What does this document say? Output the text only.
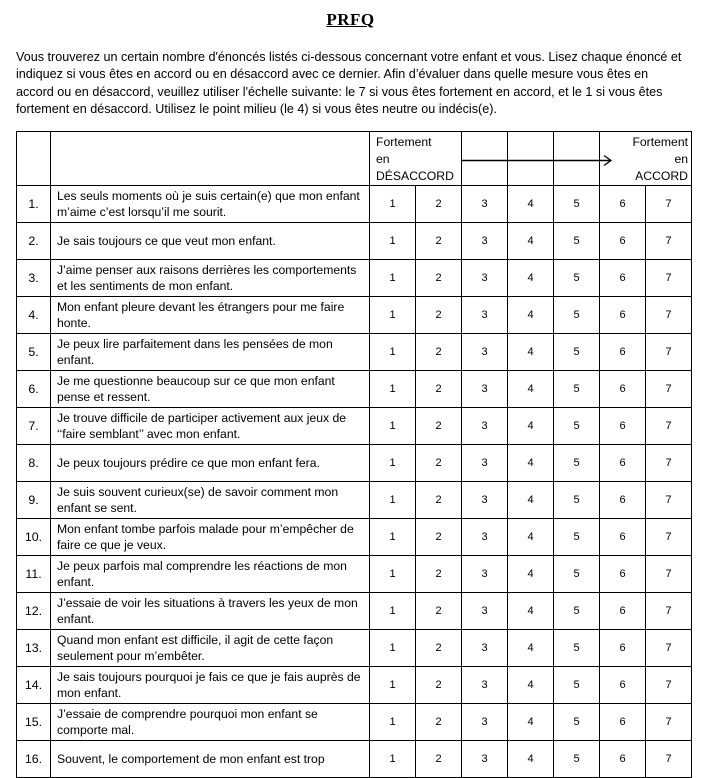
PRFQ
Vous trouverez un certain nombre d'énoncés listés ci-dessous concernant votre enfant et vous. Lisez chaque énoncé et indiquez si vous êtes en accord ou en désaccord avec ce dernier. Afin d’évaluer dans quelle mesure vous êtes en accord ou en désaccord, veuillez utiliser l'échelle suivante: le 7 si vous êtes fortement en accord, et le 1 si vous êtes fortement en désaccord. Utilisez le point milieu (le 4) si vous êtes neutre ou indécis(e).

		Fortement
en
DÉSACCORD					Fortement
en
ACCORD	

1.	Les seuls moments où je suis certain(e) que mon enfant m’aime c’est lorsqu’il me sourit.	1	2	3	4	5	6	7
2.	Je sais toujours ce que veut mon enfant.	1	2	3	4	5	6	7
3.	J’aime penser aux raisons derrières les comportements et les sentiments de mon enfant.	1	2	3	4	5	6	7
4.	Mon enfant pleure devant les étrangers pour me faire honte.	1	2	3	4	5	6	7
5.	Je peux lire parfaitement dans les pensées de mon enfant.	1	2	3	4	5	6	7
6.	Je me questionne beaucoup sur ce que mon enfant pense et ressent.	1	2	3	4	5	6	7
7.	Je trouve difficile de participer activement aux jeux de ‘‘faire semblant’’ avec mon enfant.	1	2	3	4	5	6	7
8.	Je peux toujours prédire ce que mon enfant fera.	1	2	3	4	5	6	7
9.	Je suis souvent curieux(se) de savoir comment mon enfant se sent.	1	2	3	4	5	6	7
10.	Mon enfant tombe parfois malade pour m’empêcher de faire ce que je veux.	1	2	3	4	5	6	7
11.	Je peux parfois mal comprendre les réactions de mon enfant.	1	2	3	4	5	6	7
12.	J’essaie de voir les situations à travers les yeux de mon enfant.	1	2	3	4	5	6	7
13.	Quand mon enfant est difficile, il agit de cette façon seulement pour m’embêter.	1	2	3	4	5	6	7
14.	Je sais toujours pourquoi je fais ce que je fais auprès de mon enfant.	1	2	3	4	5	6	7
15.	J’essaie de comprendre pourquoi mon enfant se comporte mal.	1	2	3	4	5	6	7
16.	Souvent, le comportement de mon enfant est trop	1	2	3	4	5	6	7
